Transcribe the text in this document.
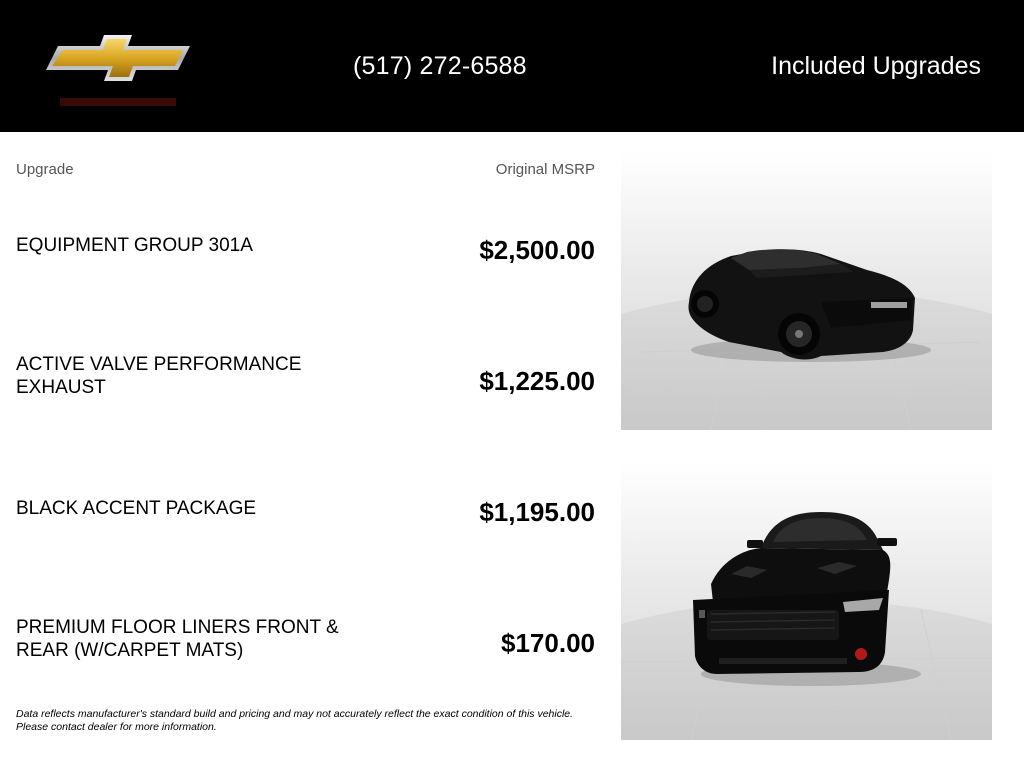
(517) 272-6588	Included Upgrades
Upgrade	Original MSRP
EQUIPMENT GROUP 301A	$2,500.00
ACTIVE VALVE PERFORMANCE EXHAUST	$1,225.00
BLACK ACCENT PACKAGE	$1,195.00
PREMIUM FLOOR LINERS FRONT & REAR (W/CARPET MATS)	$170.00
Data reflects manufacturer's standard build and pricing and may not accurately reflect the exact condition of this vehicle. Please contact dealer for more information.
